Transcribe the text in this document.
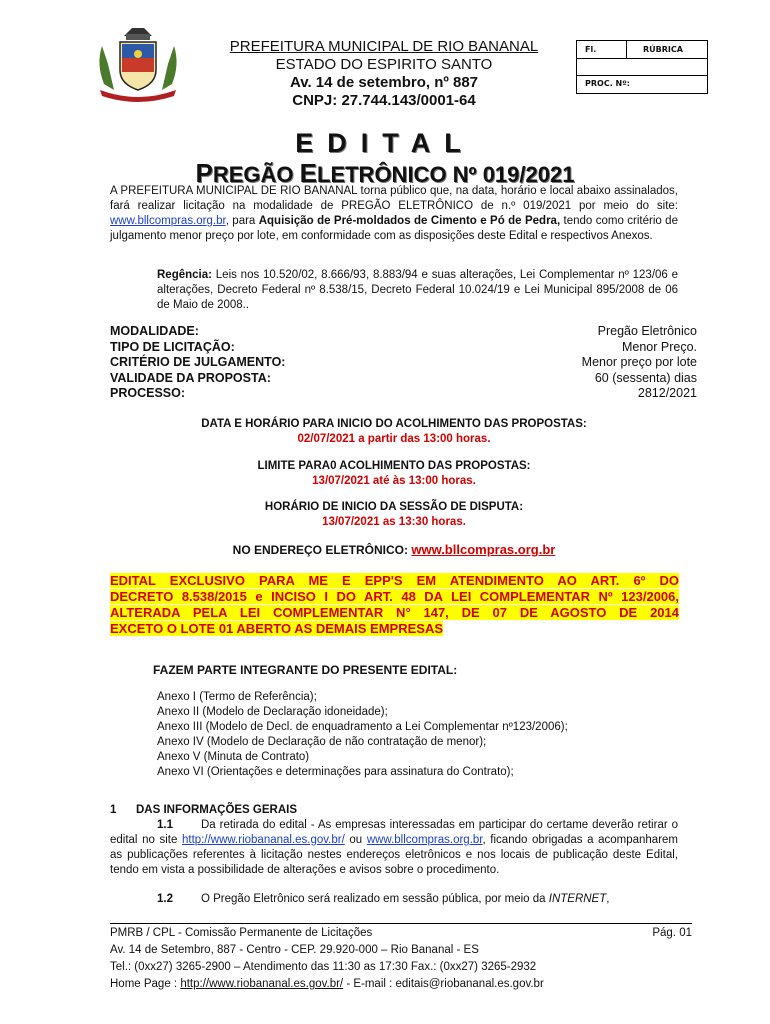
PREFEITURA MUNICIPAL DE RIO BANANAL
ESTADO DO ESPIRITO SANTO
Av. 14 de setembro, nº 887
CNPJ: 27.744.143/0001-64
Fl.	RÚBRICA
PROC. Nº:
EDITAL
PREGÃO ELETRÔNICO Nº 019/2021
A PREFEITURA MUNICIPAL DE RIO BANANAL torna público que, na data, horário e local abaixo assinalados, fará realizar licitação na modalidade de PREGÃO ELETRÔNICO de n.º 019/2021 por meio do site: www.bllcompras.org.br, para Aquisição de Pré-moldados de Cimento e Pó de Pedra, tendo como critério de julgamento menor preço por lote, em conformidade com as disposições deste Edital e respectivos Anexos.
Regência: Leis nos 10.520/02, 8.666/93, 8.883/94 e suas alterações, Lei Complementar nº 123/06 e alterações, Decreto Federal nº 8.538/15, Decreto Federal 10.024/19 e Lei Municipal 895/2008 de 06 de Maio de 2008..
MODALIDADE:
TIPO DE LICITAÇÃO:
CRITÉRIO DE JULGAMENTO:
VALIDADE DA PROPOSTA:
PROCESSO:
Pregão Eletrônico
Menor Preço.
Menor preço por lote
60 (sessenta) dias
2812/2021
DATA E HORÁRIO PARA INICIO DO ACOLHIMENTO DAS PROPOSTAS:
02/07/2021 a partir das 13:00 horas.
LIMITE PARA0 ACOLHIMENTO DAS PROPOSTAS:
13/07/2021 até às 13:00 horas.
HORÁRIO DE INICIO DA SESSÃO DE DISPUTA:
13/07/2021 as 13:30 horas.
NO ENDEREÇO ELETRÔNICO: www.bllcompras.org.br
EDITAL EXCLUSIVO PARA ME E EPP'S EM ATENDIMENTO AO ART. 6º DO
DECRETO 8.538/2015 e INCISO I DO ART. 48 DA LEI COMPLEMENTAR Nº 123/2006,
ALTERADA PELA LEI COMPLEMENTAR N° 147, DE 07 DE AGOSTO DE 2014
EXCETO O LOTE 01 ABERTO AS DEMAIS EMPRESAS
FAZEM PARTE INTEGRANTE DO PRESENTE EDITAL:
Anexo I (Termo de Referência);
Anexo II (Modelo de Declaração idoneidade);
Anexo III (Modelo de Decl. de enquadramento a Lei Complementar nº123/2006);
Anexo IV (Modelo de Declaração de não contratação de menor);
Anexo V (Minuta de Contrato)
Anexo VI (Orientações e determinações para assinatura do Contrato);
1 DAS INFORMAÇÕES GERAIS
1.1 Da retirada do edital - As empresas interessadas em participar do certame deverão retirar o edital no site http://www.riobananal.es.gov.br/ ou www.bllcompras.org.br, ficando obrigadas a acompanharem as publicações referentes à licitação nestes endereços eletrônicos e nos locais de publicação deste Edital, tendo em vista a possibilidade de alterações e avisos sobre o procedimento.
1.2 O Pregão Eletrônico será realizado em sessão pública, por meio da INTERNET,
PMRB / CPL - Comissão Permanente de Licitações	Pág. 01
Av. 14 de Setembro, 887 - Centro - CEP. 29.920-000 – Rio Bananal - ES
Tel.: (0xx27) 3265-2900 – Atendimento das 11:30 as 17:30 Fax.: (0xx27) 3265-2932
Home Page : http://www.riobananal.es.gov.br/ - E-mail : editais@riobananal.es.gov.br
